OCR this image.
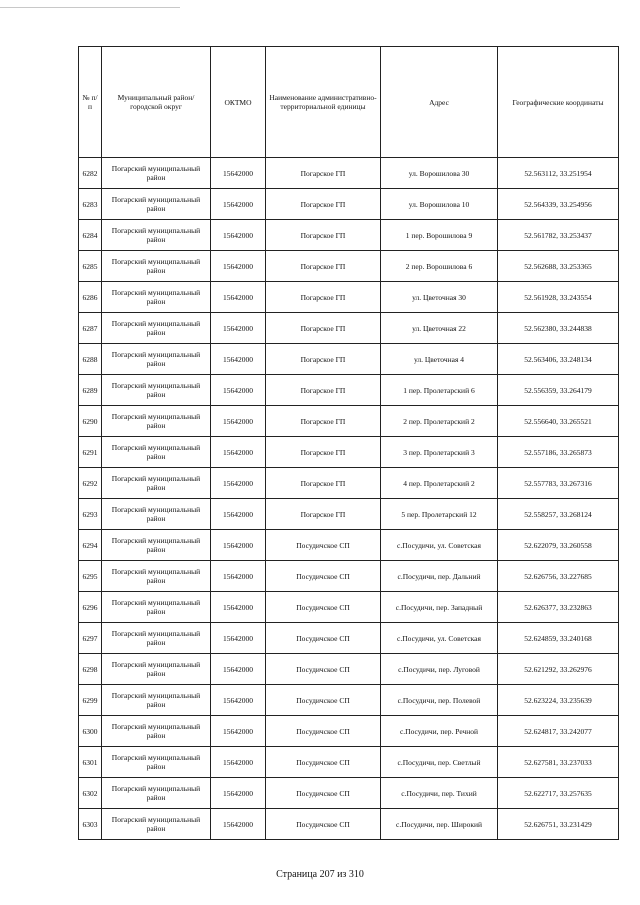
№ п/п	Муниципальный район/городской округ	ОКТМО	Наименование административно-территориальной единицы	Адрес	Географические координаты
6282	Погарский муниципальный район	15642000	Погарское ГП	ул. Ворошилова 30	52.563112, 33.251954
6283	Погарский муниципальный район	15642000	Погарское ГП	ул. Ворошилова 10	52.564339, 33.254956
6284	Погарский муниципальный район	15642000	Погарское ГП	1 пер. Ворошилова 9	52.561782, 33.253437
6285	Погарский муниципальный район	15642000	Погарское ГП	2 пер. Ворошилова 6	52.562688, 33.253365
6286	Погарский муниципальный район	15642000	Погарское ГП	ул. Цветочная 30	52.561928, 33.243554
6287	Погарский муниципальный район	15642000	Погарское ГП	ул. Цветочная 22	52.562380, 33.244838
6288	Погарский муниципальный район	15642000	Погарское ГП	ул. Цветочная 4	52.563406, 33.248134
6289	Погарский муниципальный район	15642000	Погарское ГП	1 пер. Пролетарский 6	52.556359, 33.264179
6290	Погарский муниципальный район	15642000	Погарское ГП	2 пер. Пролетарский 2	52.556640, 33.265521
6291	Погарский муниципальный район	15642000	Погарское ГП	3 пер. Пролетарский 3	52.557186, 33.265873
6292	Погарский муниципальный район	15642000	Погарское ГП	4 пер. Пролетарский 2	52.557783, 33.267316
6293	Погарский муниципальный район	15642000	Погарское ГП	5 пер. Пролетарский 12	52.558257, 33.268124
6294	Погарский муниципальный район	15642000	Посудичское СП	с.Посудичи, ул. Советская	52.622079, 33.260558
6295	Погарский муниципальный район	15642000	Посудичское СП	с.Посудичи, пер. Дальний	52.626756, 33.227685
6296	Погарский муниципальный район	15642000	Посудичское СП	с.Посудичи, пер. Западный	52.626377, 33.232863
6297	Погарский муниципальный район	15642000	Посудичское СП	с.Посудичи, ул. Советская	52.624859, 33.240168
6298	Погарский муниципальный район	15642000	Посудичское СП	с.Посудичи, пер. Луговой	52.621292, 33.262976
6299	Погарский муниципальный район	15642000	Посудичское СП	с.Посудичи, пер. Полевой	52.623224, 33.235639
6300	Погарский муниципальный район	15642000	Посудичское СП	с.Посудичи, пер. Речной	52.624817, 33.242077
6301	Погарский муниципальный район	15642000	Посудичское СП	с.Посудичи, пер. Светлый	52.627581, 33.237033
6302	Погарский муниципальный район	15642000	Посудичское СП	с.Посудичи, пер. Тихий	52.622717, 33.257635
6303	Погарский муниципальный район	15642000	Посудичское СП	с.Посудичи, пер. Широкий	52.626751, 33.231429
Страница 207 из 310
